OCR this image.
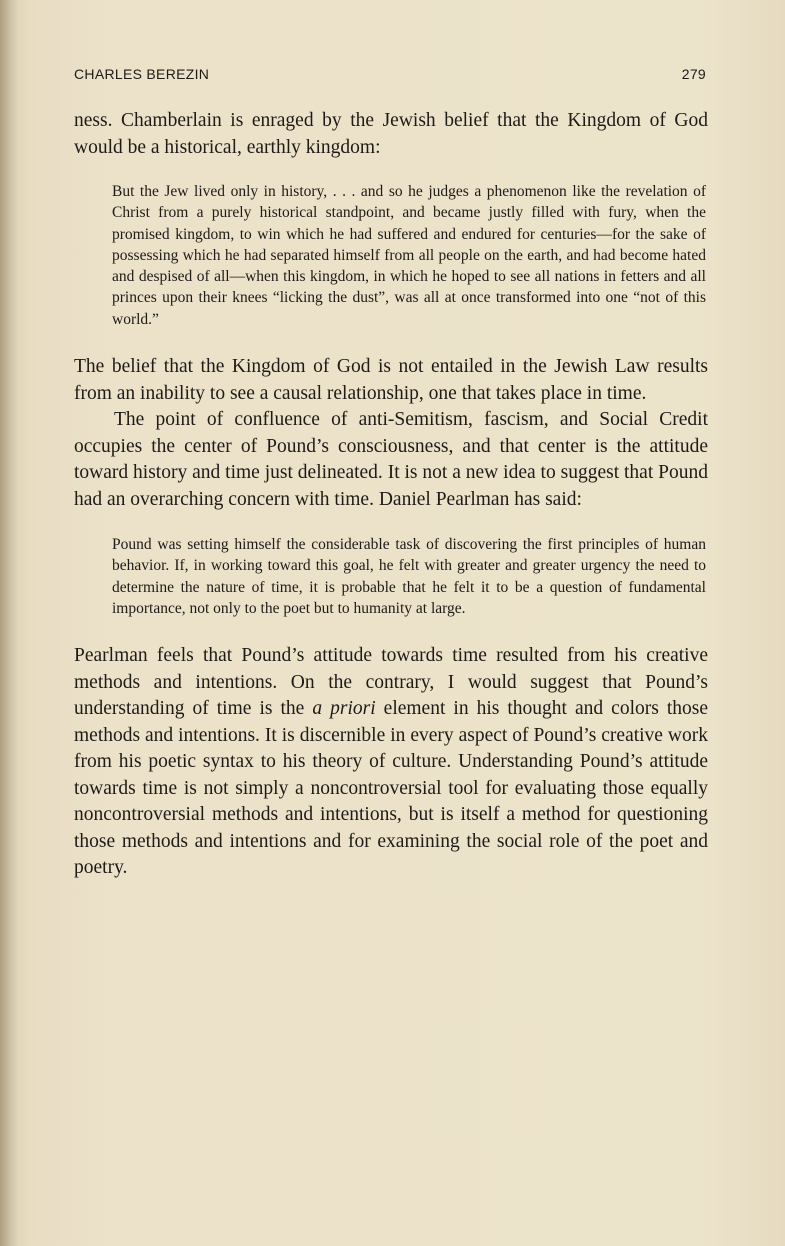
CHARLES BEREZIN	279

ness. Chamberlain is enraged by the Jewish belief that the Kingdom of God would be a historical, earthly kingdom:

But the Jew lived only in history, . . . and so he judges a phenomenon like the revelation of Christ from a purely historical standpoint, and became justly filled with fury, when the promised kingdom, to win which he had suffered and endured for centuries—for the sake of possessing which he had separated himself from all people on the earth, and had become hated and despised of all—when this kingdom, in which he hoped to see all nations in fetters and all princes upon their knees “licking the dust”, was all at once transformed into one “not of this world.”

The belief that the Kingdom of God is not entailed in the Jewish Law results from an inability to see a causal relationship, one that takes place in time.

The point of confluence of anti-Semitism, fascism, and Social Credit occupies the center of Pound’s consciousness, and that center is the attitude toward history and time just delineated. It is not a new idea to suggest that Pound had an overarching concern with time. Daniel Pearlman has said:

Pound was setting himself the considerable task of discovering the first principles of human behavior. If, in working toward this goal, he felt with greater and greater urgency the need to determine the nature of time, it is probable that he felt it to be a question of fundamental importance, not only to the poet but to humanity at large.

Pearlman feels that Pound’s attitude towards time resulted from his creative methods and intentions. On the contrary, I would suggest that Pound’s understanding of time is the a priori element in his thought and colors those methods and intentions. It is discernible in every aspect of Pound’s creative work from his poetic syntax to his theory of culture. Understanding Pound’s attitude towards time is not simply a noncontroversial tool for evaluating those equally noncontroversial methods and intentions, but is itself a method for questioning those methods and intentions and for examining the social role of the poet and poetry.
